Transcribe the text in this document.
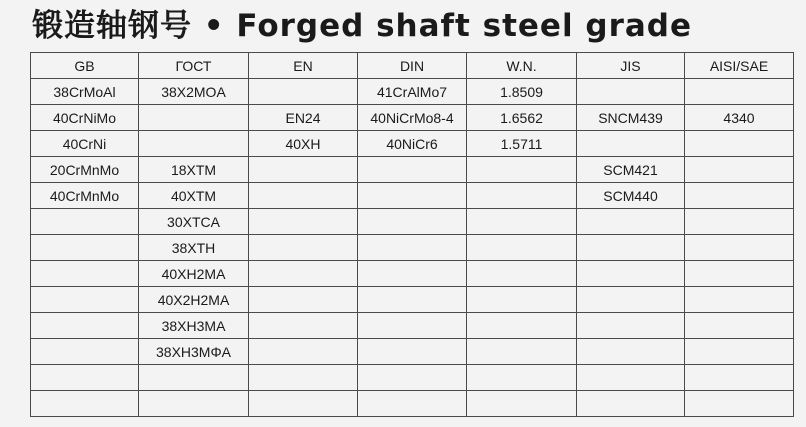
锻造轴钢号 • Forged shaft steel grade
GB	ГОСТ	EN	DIN	W.N.	JIS	AISI/SAE
38CrMoAl	38X2MOA		41CrAlMo7	1.8509		
40CrNiMo		EN24	40NiCrMo8-4	1.6562	SNCM439	4340
40CrNi		40XH	40NiCr6	1.5711		
20CrMnMo	18XTM				SCM421	
40CrMnMo	40XTM				SCM440	
	30XTCA					
	38XTH					
	40XH2MA					
	40X2H2MA					
	38XH3MA					
	38XH3MΦA					
